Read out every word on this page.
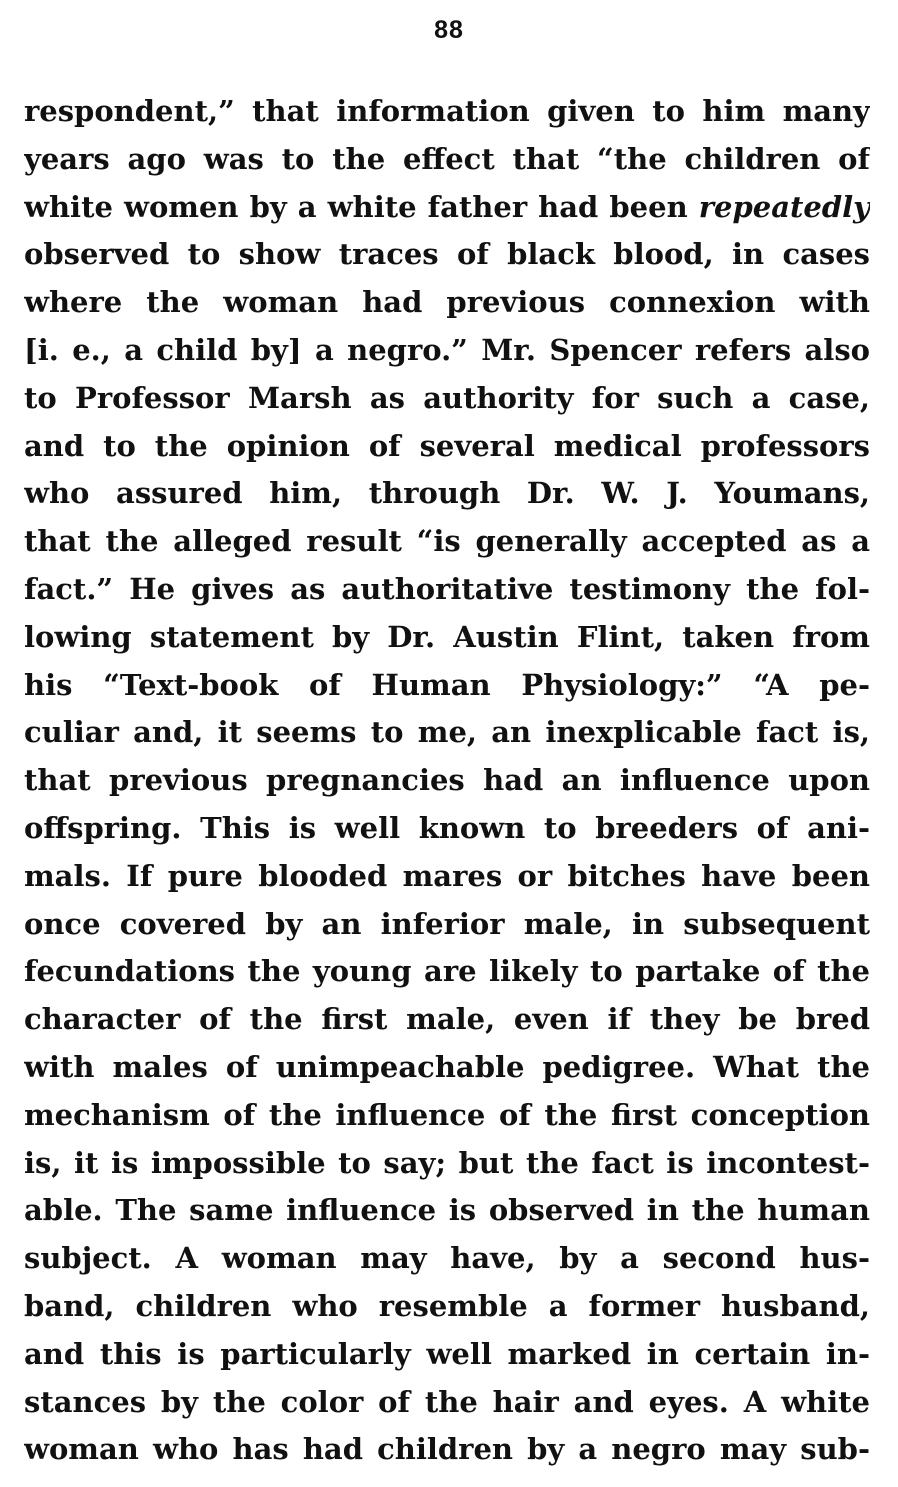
88
respondent,” that information given to him many
years ago was to the effect that “the children of
white women by a white father had been repeatedly
observed to show traces of black blood, in cases
where the woman had previous connexion with
[i. e., a child by] a negro.” Mr. Spencer refers also
to Professor Marsh as authority for such a case,
and to the opinion of several medical professors
who assured him, through Dr. W. J. Youmans,
that the alleged result “is generally accepted as a
fact.” He gives as authoritative testimony the fol-
lowing statement by Dr. Austin Flint, taken from
his “Text-book of Human Physiology:” “A pe-
culiar and, it seems to me, an inexplicable fact is,
that previous pregnancies had an influence upon
offspring. This is well known to breeders of ani-
mals. If pure blooded mares or bitches have been
once covered by an inferior male, in subsequent
fecundations the young are likely to partake of the
character of the first male, even if they be bred
with males of unimpeachable pedigree. What the
mechanism of the influence of the first conception
is, it is impossible to say; but the fact is incontest-
able. The same influence is observed in the human
subject. A woman may have, by a second hus-
band, children who resemble a former husband,
and this is particularly well marked in certain in-
stances by the color of the hair and eyes. A white
woman who has had children by a negro may sub-
